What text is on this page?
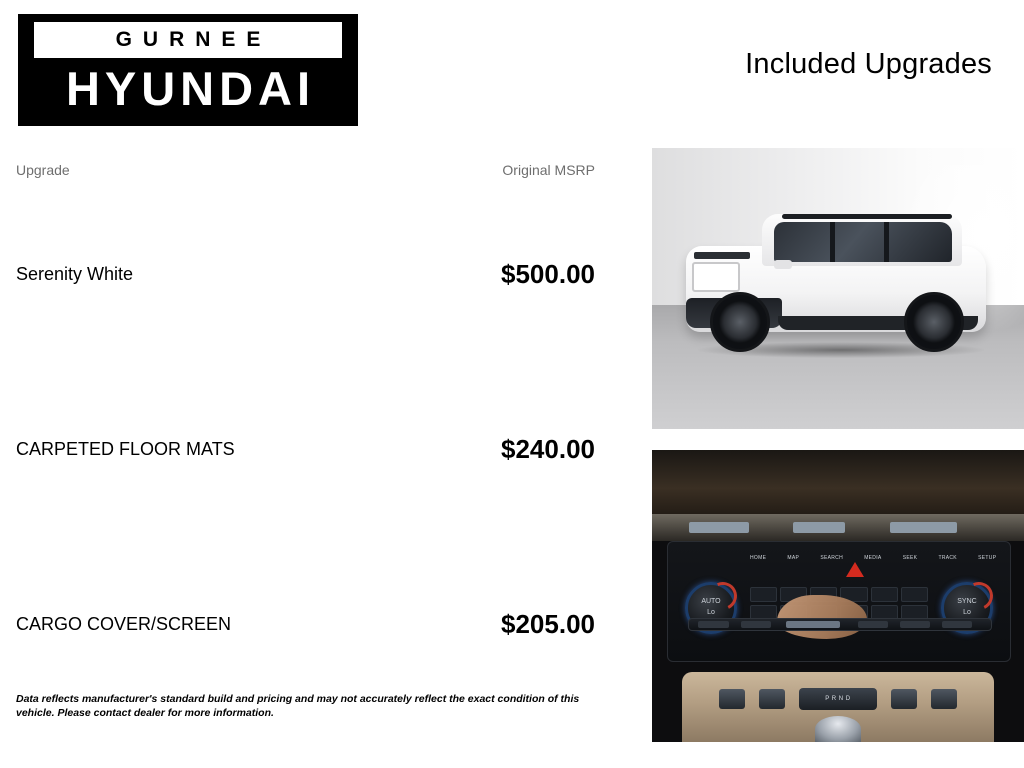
GURNEE
HYUNDAI	Included Upgrades
Upgrade	Original MSRP
Serenity White	$500.00
CARPETED FLOOR MATS	$240.00
CARGO COVER/SCREEN	$205.00
Data reflects manufacturer's standard build and pricing and may not accurately reflect the exact condition of this vehicle. Please contact dealer for more information.
HOME	MAP	SEARCH	MEDIA	SEEK	TRACK	SETUP
AUTO
Lo
SYNC
Lo
P R N D
